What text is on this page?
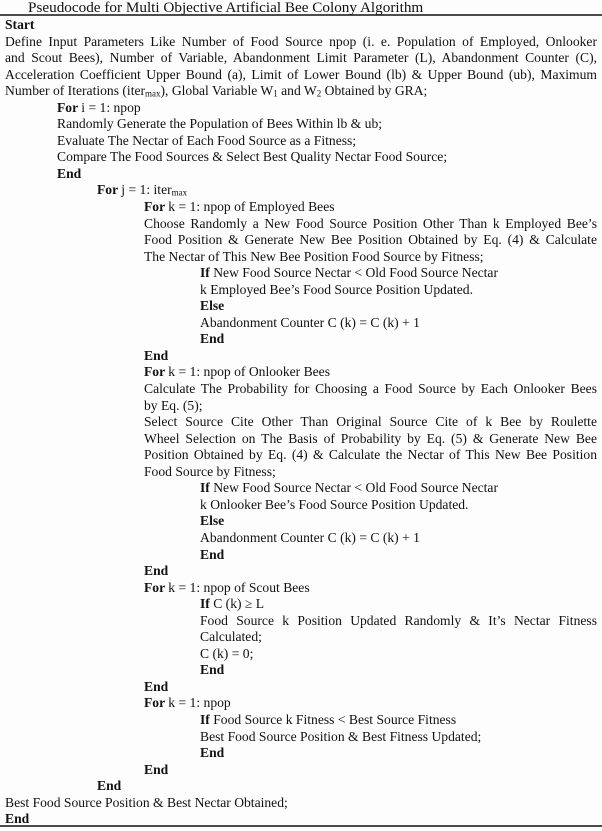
Pseudocode for Multi Objective Artificial Bee Colony Algorithm
Start
Define Input Parameters Like Number of Food Source npop (i. e. Population of Employed, Onlooker
and Scout Bees), Number of Variable, Abandonment Limit Parameter (L), Abandonment Counter (C),
Acceleration Coefficient Upper Bound (a), Limit of Lower Bound (lb) & Upper Bound (ub), Maximum
Number of Iterations (itermax), Global Variable W1 and W2 Obtained by GRA;
For i = 1: npop
Randomly Generate the Population of Bees Within lb & ub;
Evaluate The Nectar of Each Food Source as a Fitness;
Compare The Food Sources & Select Best Quality Nectar Food Source;
End
For j = 1: itermax
For k = 1: npop of Employed Bees
Choose Randomly a New Food Source Position Other Than k Employed Bee’s
Food Position & Generate New Bee Position Obtained by Eq. (4) & Calculate
The Nectar of This New Bee Position Food Source by Fitness;
If New Food Source Nectar < Old Food Source Nectar
k Employed Bee’s Food Source Position Updated.
Else
Abandonment Counter C (k) = C (k) + 1
End
End
For k = 1: npop of Onlooker Bees
Calculate The Probability for Choosing a Food Source by Each Onlooker Bees
by Eq. (5);
Select Source Cite Other Than Original Source Cite of k Bee by Roulette
Wheel Selection on The Basis of Probability by Eq. (5) & Generate New Bee
Position Obtained by Eq. (4) & Calculate the Nectar of This New Bee Position
Food Source by Fitness;
If New Food Source Nectar < Old Food Source Nectar
k Onlooker Bee’s Food Source Position Updated.
Else
Abandonment Counter C (k) = C (k) + 1
End
End
For k = 1: npop of Scout Bees
If C (k) ≥ L
Food Source k Position Updated Randomly & It’s Nectar Fitness
Calculated;
C (k) = 0;
End
End
For k = 1: npop
If Food Source k Fitness < Best Source Fitness
Best Food Source Position & Best Fitness Updated;
End
End
End
Best Food Source Position & Best Nectar Obtained;
End
